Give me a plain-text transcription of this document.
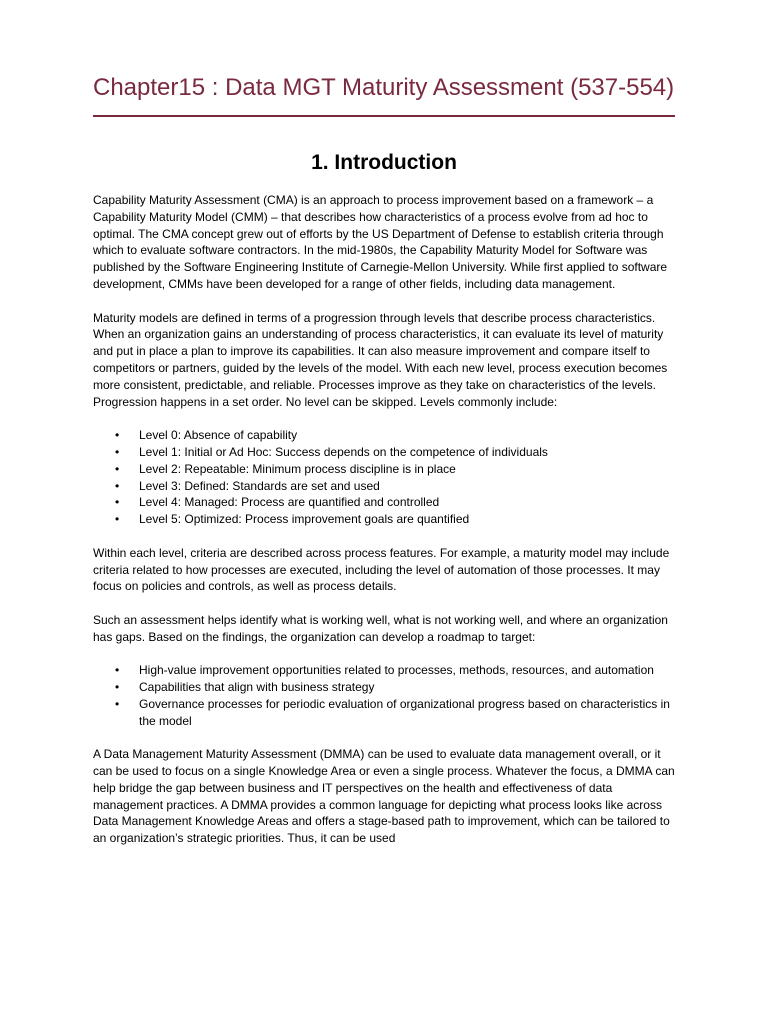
Chapter15 : Data MGT Maturity Assessment (537-554)
1. Introduction

Capability Maturity Assessment (CMA) is an approach to process improvement based on a framework – a Capability Maturity Model (CMM) – that describes how characteristics of a process evolve from ad hoc to optimal. The CMA concept grew out of efforts by the US Department of Defense to establish criteria through which to evaluate software contractors. In the mid-1980s, the Capability Maturity Model for Software was published by the Software Engineering Institute of Carnegie-Mellon University. While first applied to software development, CMMs have been developed for a range of other fields, including data management.

Maturity models are defined in terms of a progression through levels that describe process characteristics. When an organization gains an understanding of process characteristics, it can evaluate its level of maturity and put in place a plan to improve its capabilities. It can also measure improvement and compare itself to competitors or partners, guided by the levels of the model. With each new level, process execution becomes more consistent, predictable, and reliable. Processes improve as they take on characteristics of the levels. Progression happens in a set order. No level can be skipped. Levels commonly include:

• Level 0: Absence of capability
• Level 1: Initial or Ad Hoc: Success depends on the competence of individuals
• Level 2: Repeatable: Minimum process discipline is in place
• Level 3: Defined: Standards are set and used
• Level 4: Managed: Process are quantified and controlled
• Level 5: Optimized: Process improvement goals are quantified

Within each level, criteria are described across process features. For example, a maturity model may include criteria related to how processes are executed, including the level of automation of those processes. It may focus on policies and controls, as well as process details.

Such an assessment helps identify what is working well, what is not working well, and where an organization has gaps. Based on the findings, the organization can develop a roadmap to target:

• High-value improvement opportunities related to processes, methods, resources, and automation
• Capabilities that align with business strategy
• Governance processes for periodic evaluation of organizational progress based on characteristics in the model

A Data Management Maturity Assessment (DMMA) can be used to evaluate data management overall, or it can be used to focus on a single Knowledge Area or even a single process. Whatever the focus, a DMMA can help bridge the gap between business and IT perspectives on the health and effectiveness of data management practices. A DMMA provides a common language for depicting what process looks like across Data Management Knowledge Areas and offers a stage-based path to improvement, which can be tailored to an organization’s strategic priorities. Thus, it can be used
